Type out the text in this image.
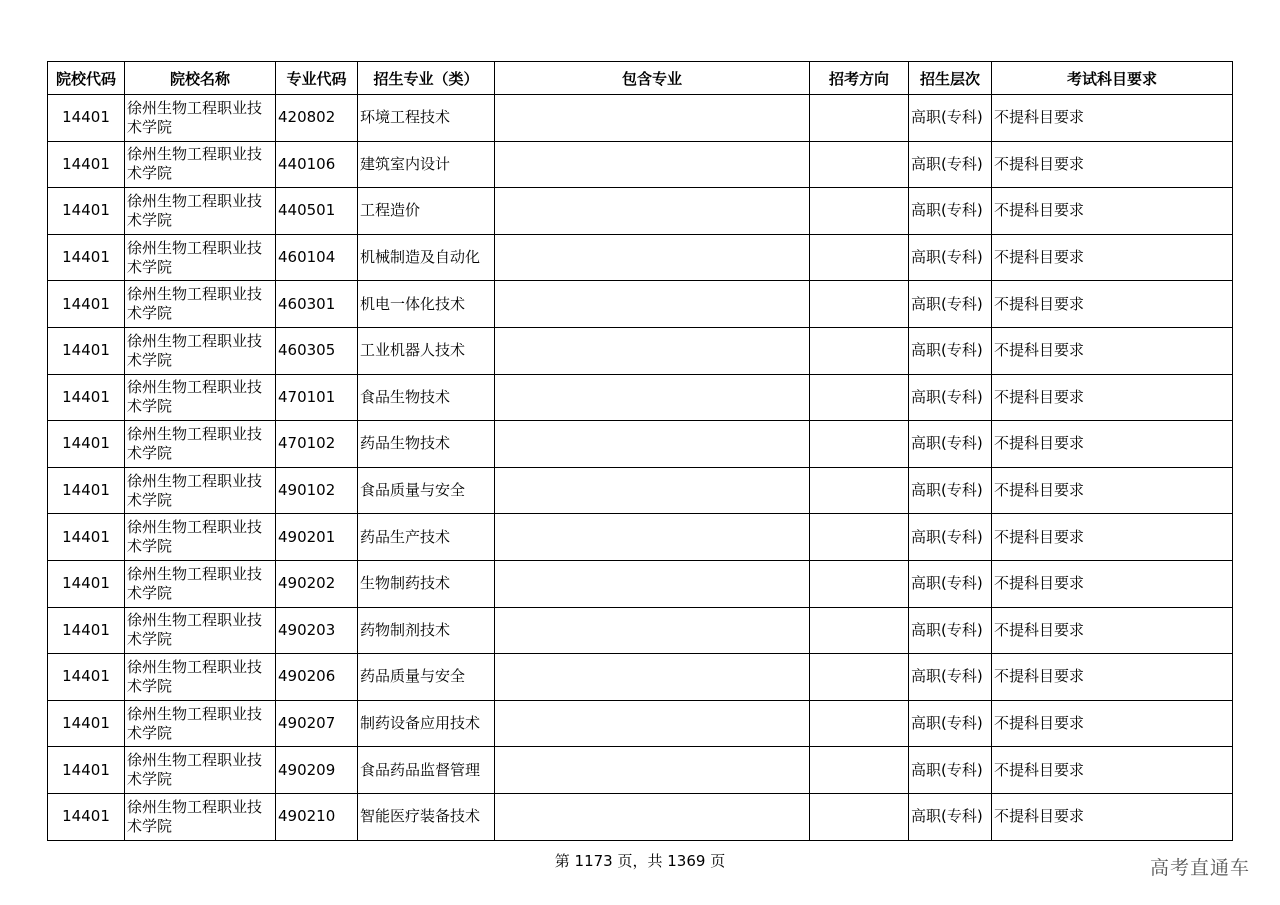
院校代码	院校名称	专业代码	招生专业（类）	包含专业	招考方向	招生层次	考试科目要求
14401	徐州生物工程职业技术学院	420802	环境工程技术			高职(专科)	不提科目要求
14401	徐州生物工程职业技术学院	440106	建筑室内设计			高职(专科)	不提科目要求
14401	徐州生物工程职业技术学院	440501	工程造价			高职(专科)	不提科目要求
14401	徐州生物工程职业技术学院	460104	机械制造及自动化			高职(专科)	不提科目要求
14401	徐州生物工程职业技术学院	460301	机电一体化技术			高职(专科)	不提科目要求
14401	徐州生物工程职业技术学院	460305	工业机器人技术			高职(专科)	不提科目要求
14401	徐州生物工程职业技术学院	470101	食品生物技术			高职(专科)	不提科目要求
14401	徐州生物工程职业技术学院	470102	药品生物技术			高职(专科)	不提科目要求
14401	徐州生物工程职业技术学院	490102	食品质量与安全			高职(专科)	不提科目要求
14401	徐州生物工程职业技术学院	490201	药品生产技术			高职(专科)	不提科目要求
14401	徐州生物工程职业技术学院	490202	生物制药技术			高职(专科)	不提科目要求
14401	徐州生物工程职业技术学院	490203	药物制剂技术			高职(专科)	不提科目要求
14401	徐州生物工程职业技术学院	490206	药品质量与安全			高职(专科)	不提科目要求
14401	徐州生物工程职业技术学院	490207	制药设备应用技术			高职(专科)	不提科目要求
14401	徐州生物工程职业技术学院	490209	食品药品监督管理			高职(专科)	不提科目要求
14401	徐州生物工程职业技术学院	490210	智能医疗装备技术			高职(专科)	不提科目要求
第 1173 页，共 1369 页	高考直通车
